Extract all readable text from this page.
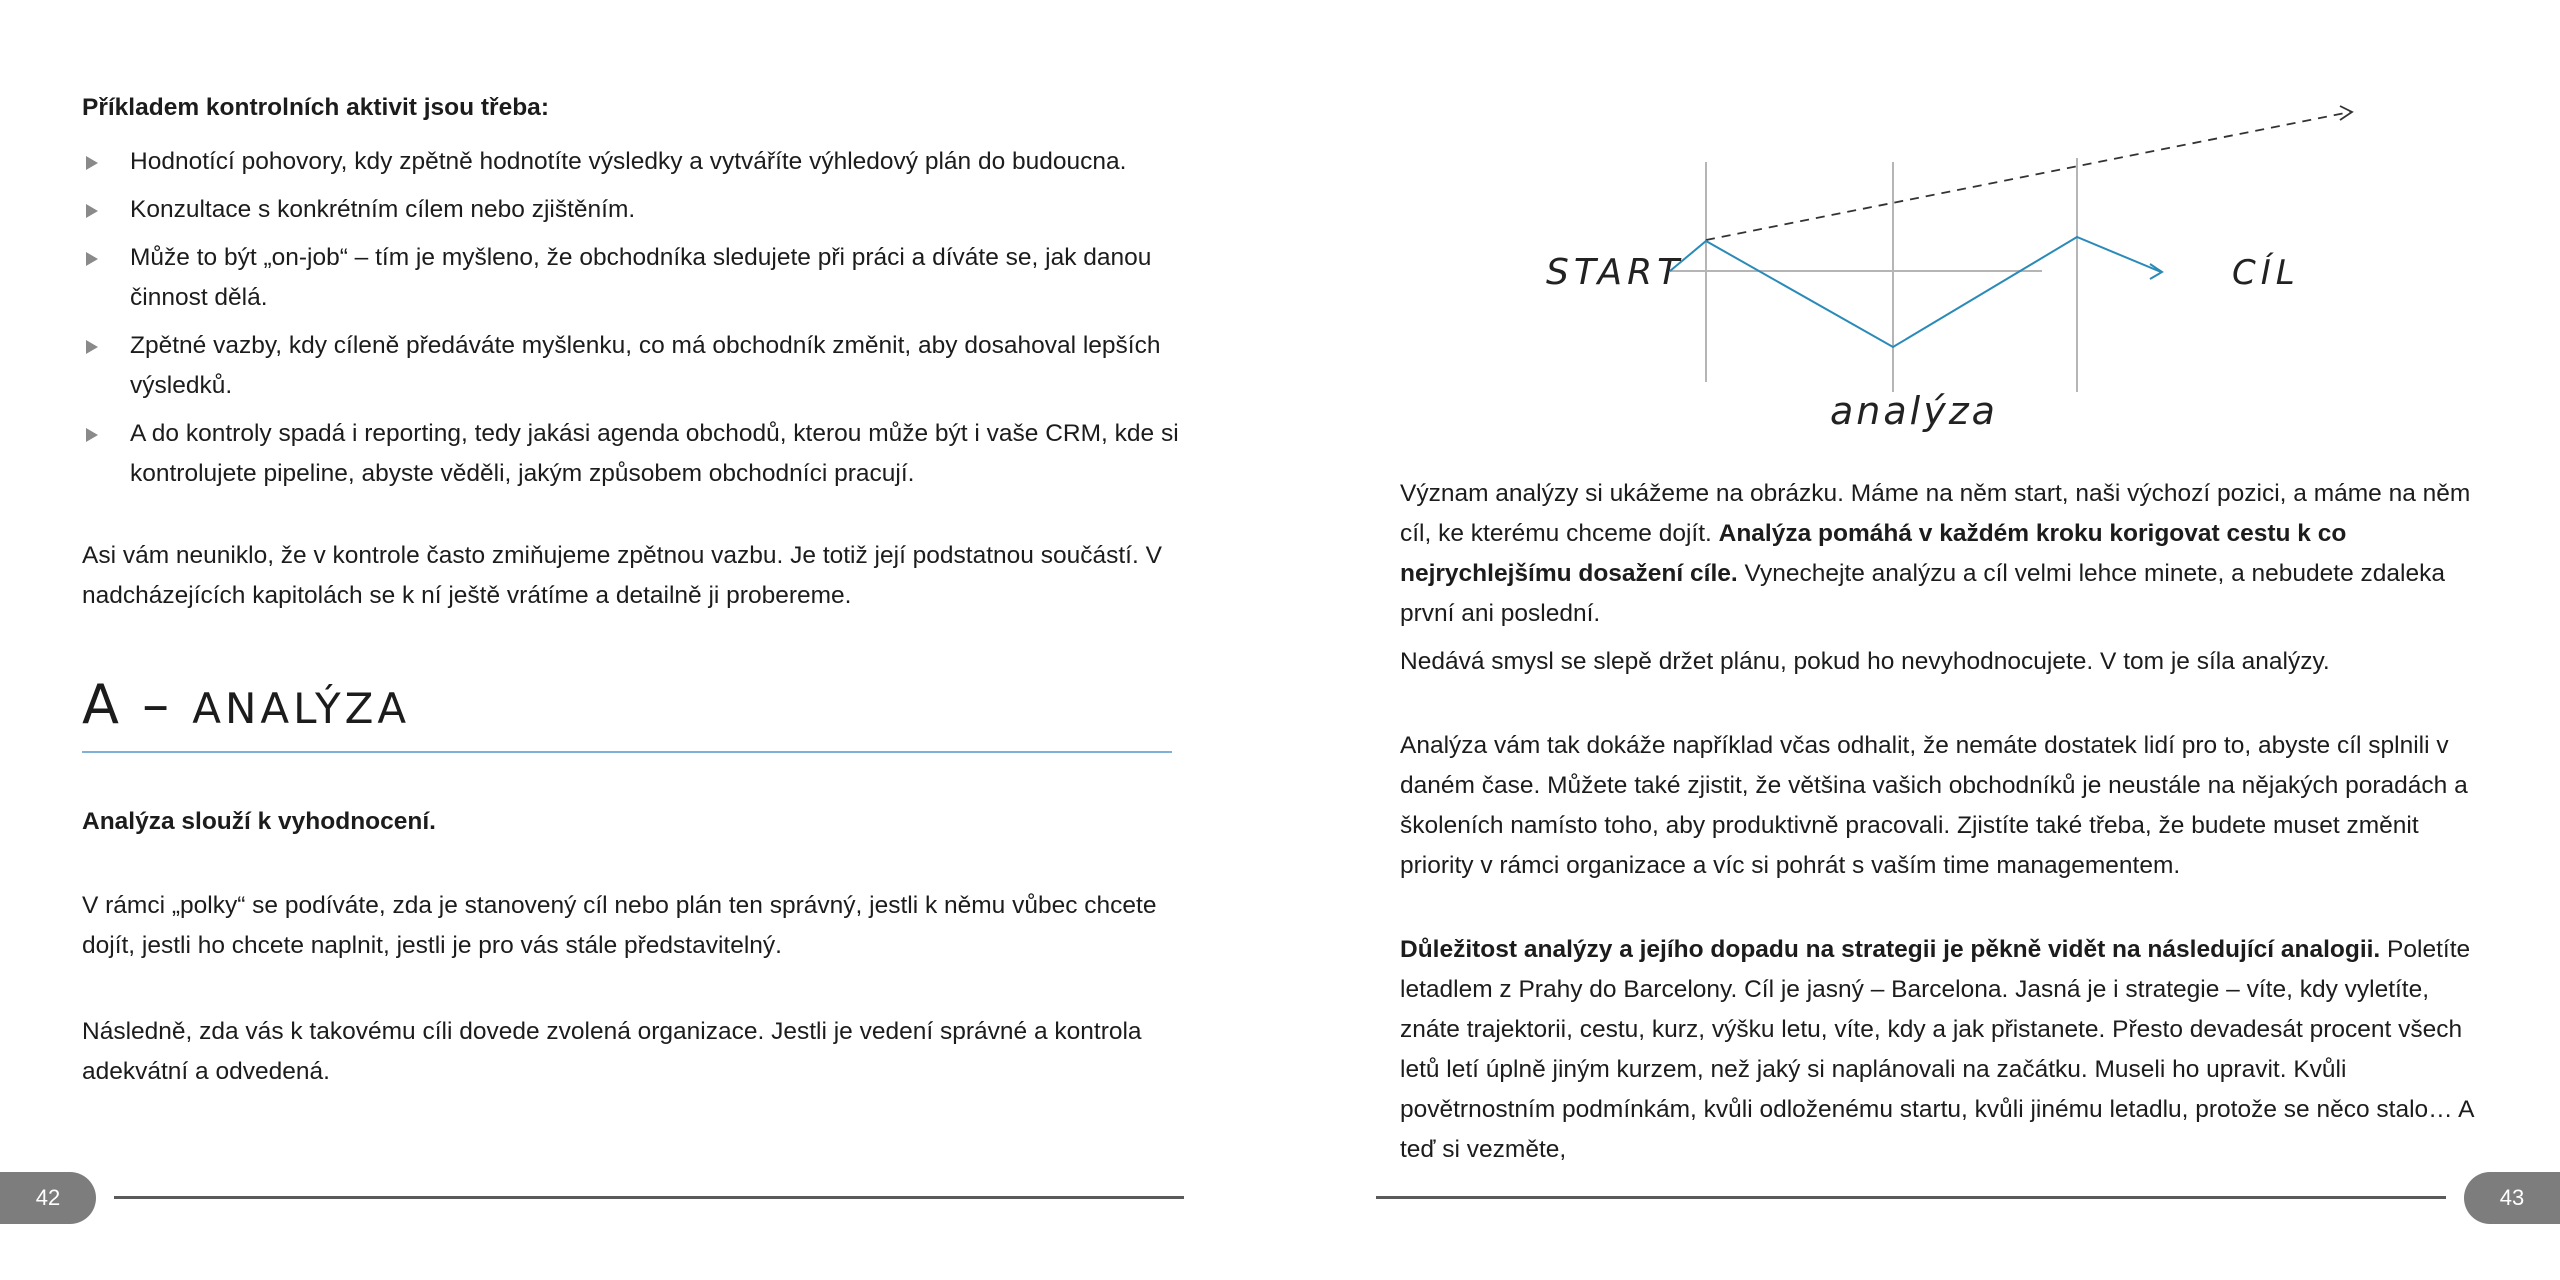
Příkladem kontrolních aktivit jsou třeba:

Hodnotící pohovory, kdy zpětně hodnotíte výsledky a vytváříte výhledový plán do budoucna.
Konzultace s konkrétním cílem nebo zjištěním.
Může to být „on-job“ – tím je myšleno, že obchodníka sledujete při práci a díváte se, jak danou činnost dělá.
Zpětné vazby, kdy cíleně předáváte myšlenku, co má obchodník změnit, aby dosahoval lepších výsledků.
A do kontroly spadá i reporting, tedy jakási agenda obchodů, kterou může být i vaše CRM, kde si kontrolujete pipeline, abyste věděli, jakým způsobem obchodníci pracují.

Asi vám neuniklo, že v kontrole často zmiňujeme zpětnou vazbu. Je totiž její podstatnou součástí. V nadcházejících kapitolách se k ní ještě vrátíme a detailně ji probereme.

A – ANALÝZA

Analýza slouží k vyhodnocení.

V rámci „polky“ se podíváte, zda je stanovený cíl nebo plán ten správný, jestli k němu vůbec chcete dojít, jestli ho chcete naplnit, jestli je pro vás stále představitelný.

Následně, zda vás k takovému cíli dovede zvolená organizace. Jestli je vedení správné a kontrola adekvátní a odvedená.

42
START	CÍL
analýza

Význam analýzy si ukážeme na obrázku. Máme na něm start, naši výchozí pozici, a máme na něm cíl, ke kterému chceme dojít. Analýza pomáhá v každém kroku korigovat cestu k co nejrychlejšímu dosažení cíle. Vynechejte analýzu a cíl velmi lehce minete, a nebudete zdaleka první ani poslední.

Nedává smysl se slepě držet plánu, pokud ho nevyhodnocujete. V tom je síla analýzy.

Analýza vám tak dokáže například včas odhalit, že nemáte dostatek lidí pro to, abyste cíl splnili v daném čase. Můžete také zjistit, že většina vašich obchodníků je neustále na nějakých poradách a školeních namísto toho, aby produktivně pracovali. Zjistíte také třeba, že budete muset změnit priority v rámci organizace a víc si pohrát s vaším time managementem.

Důležitost analýzy a jejího dopadu na strategii je pěkně vidět na následující analogii. Poletíte letadlem z Prahy do Barcelony. Cíl je jasný – Barcelona. Jasná je i strategie – víte, kdy vyletíte, znáte trajektorii, cestu, kurz, výšku letu, víte, kdy a jak přistanete. Přesto devadesát procent všech letů letí úplně jiným kurzem, než jaký si naplánovali na začátku. Museli ho upravit. Kvůli povětrnostním podmínkám, kvůli odloženému startu, kvůli jinému letadlu, protože se něco stalo… A teď si vezměte,

43
